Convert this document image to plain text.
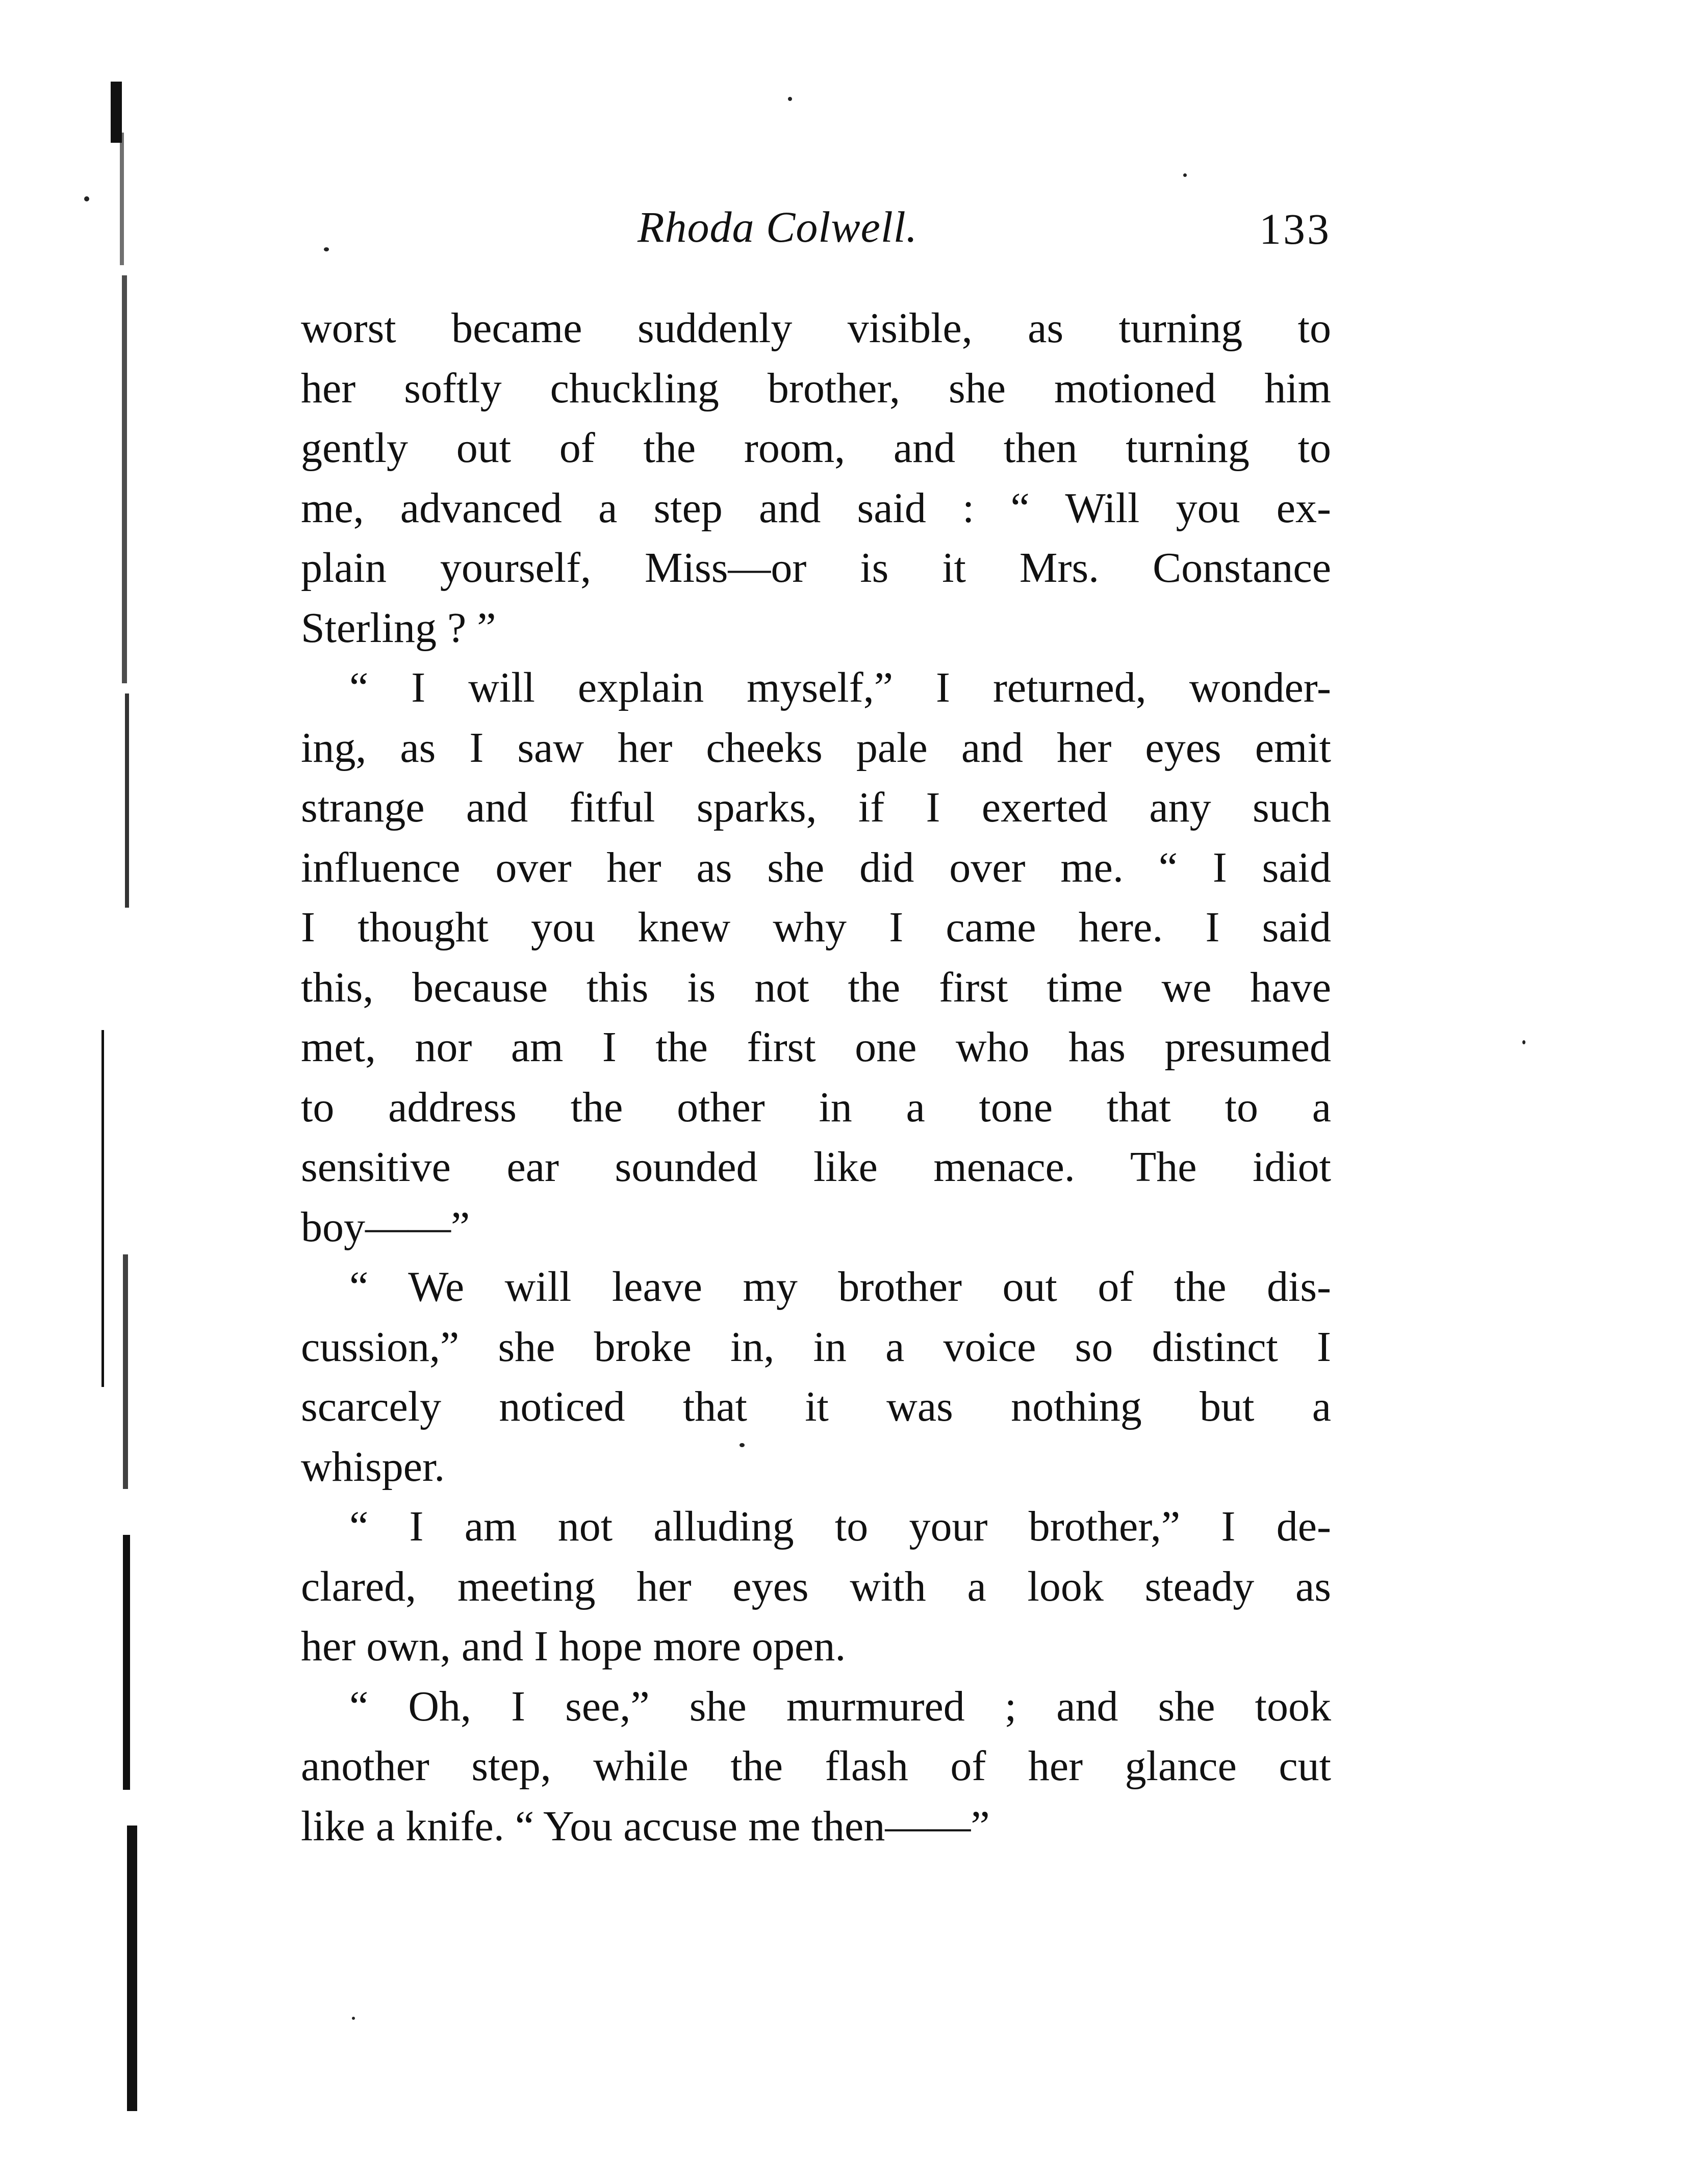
Rhoda Colwell.	133
worst became suddenly visible, as turning to
her softly chuckling brother, she motioned him
gently out of the room, and then turning to
me, advanced a step and said : “ Will you ex-
plain yourself, Miss—or is it Mrs. Constance
Sterling ? ”
“ I will explain myself,” I returned, wonder-
ing, as I saw her cheeks pale and her eyes emit
strange and fitful sparks, if I exerted any such
influence over her as she did over me. “ I said
I thought you knew why I came here. I said
this, because this is not the first time we have
met, nor am I the first one who has presumed
to address the other in a tone that to a
sensitive ear sounded like menace. The idiot
boy——”
“ We will leave my brother out of the dis-
cussion,” she broke in, in a voice so distinct I
scarcely noticed that it was nothing but a
whisper.
“ I am not alluding to your brother,” I de-
clared, meeting her eyes with a look steady as
her own, and I hope more open.
“ Oh, I see,” she murmured ; and she took
another step, while the flash of her glance cut
like a knife. “ You accuse me then——”
